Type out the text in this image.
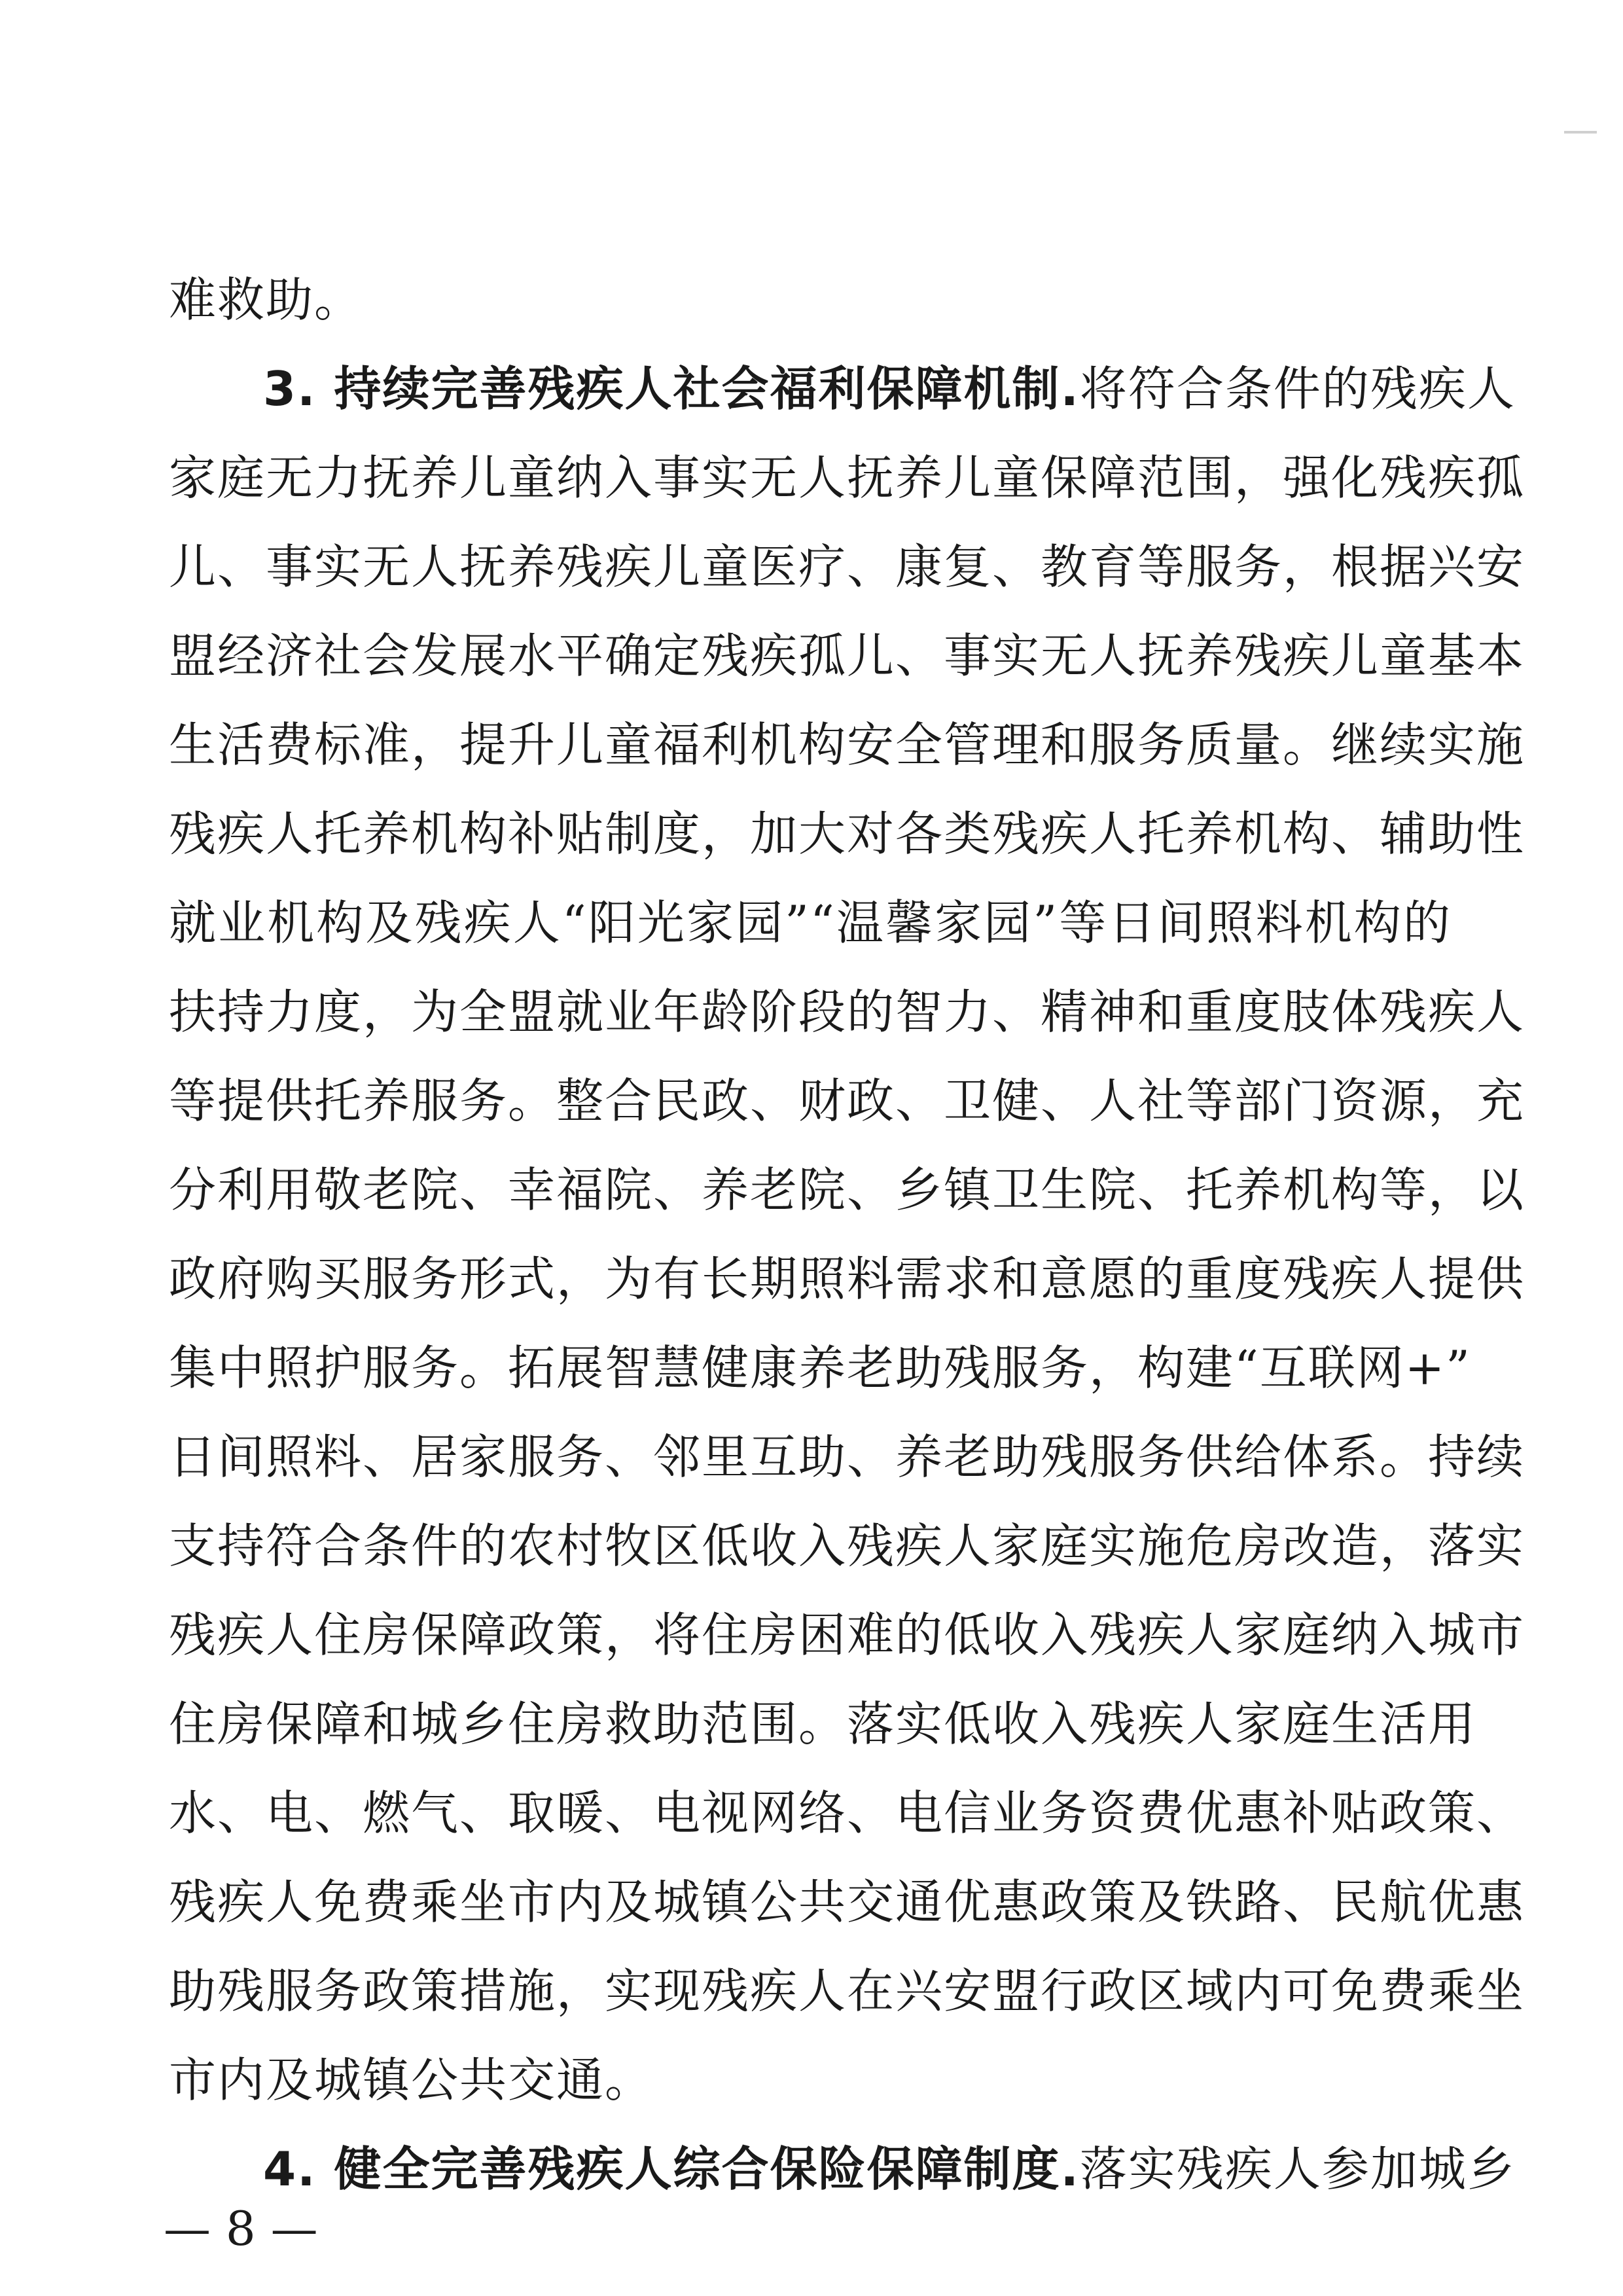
难救助。
3. 持续完善残疾人社会福利保障机制.将符合条件的残疾人
家庭无力抚养儿童纳入事实无人抚养儿童保障范围，强化残疾孤
儿、事实无人抚养残疾儿童医疗、康复、教育等服务，根据兴安
盟经济社会发展水平确定残疾孤儿、事实无人抚养残疾儿童基本
生活费标准，提升儿童福利机构安全管理和服务质量。继续实施
残疾人托养机构补贴制度，加大对各类残疾人托养机构、辅助性
就业机构及残疾人“阳光家园”“温馨家园”等日间照料机构的
扶持力度，为全盟就业年龄阶段的智力、精神和重度肢体残疾人
等提供托养服务。整合民政、财政、卫健、人社等部门资源，充
分利用敬老院、幸福院、养老院、乡镇卫生院、托养机构等，以
政府购买服务形式，为有长期照料需求和意愿的重度残疾人提供
集中照护服务。拓展智慧健康养老助残服务，构建“互联网+”
日间照料、居家服务、邻里互助、养老助残服务供给体系。持续
支持符合条件的农村牧区低收入残疾人家庭实施危房改造，落实
残疾人住房保障政策，将住房困难的低收入残疾人家庭纳入城市
住房保障和城乡住房救助范围。落实低收入残疾人家庭生活用
水、电、燃气、取暖、电视网络、电信业务资费优惠补贴政策、
残疾人免费乘坐市内及城镇公共交通优惠政策及铁路、民航优惠
助残服务政策措施，实现残疾人在兴安盟行政区域内可免费乘坐
市内及城镇公共交通。
4. 健全完善残疾人综合保险保障制度.落实残疾人参加城乡
— 8 —
